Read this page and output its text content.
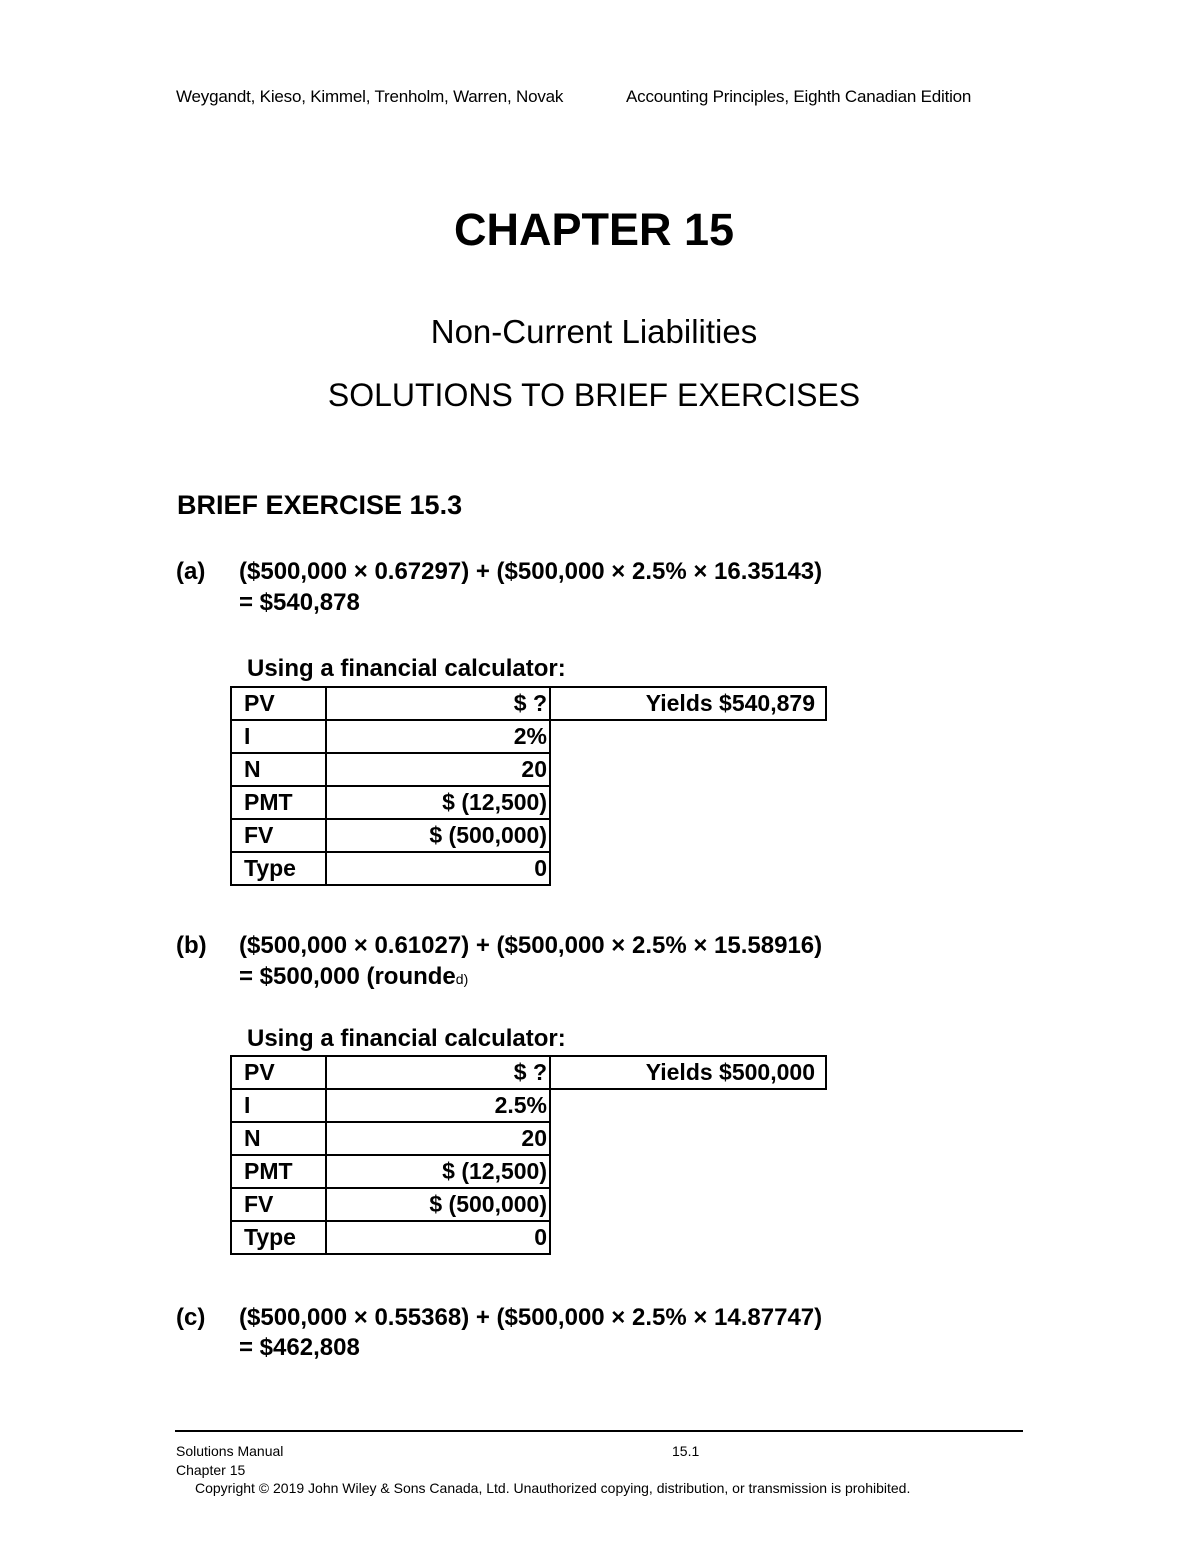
Weygandt, Kieso, Kimmel, Trenholm, Warren, Novak	Accounting Principles, Eighth Canadian Edition
CHAPTER 15
Non-Current Liabilities
SOLUTIONS TO BRIEF EXERCISES
BRIEF EXERCISE 15.3
(a) ($500,000 × 0.67297) + ($500,000 × 2.5% × 16.35143)
= $540,878
Using a financial calculator:
PV	$ ?	Yields $540,879
I	2%	
N	20	
PMT	$ (12,500)	
FV	$ (500,000)	
Type	0	
(b) ($500,000 × 0.61027) + ($500,000 × 2.5% × 15.58916)
= $500,000 (rounded)
Using a financial calculator:
PV	$ ?	Yields $500,000
I	2.5%	
N	20	
PMT	$ (12,500)	
FV	$ (500,000)	
Type	0	
(c) ($500,000 × 0.55368) + ($500,000 × 2.5% × 14.87747)
= $462,808
Solutions Manual	15.1
Chapter 15
Copyright © 2019 John Wiley & Sons Canada, Ltd. Unauthorized copying, distribution, or transmission is prohibited.
